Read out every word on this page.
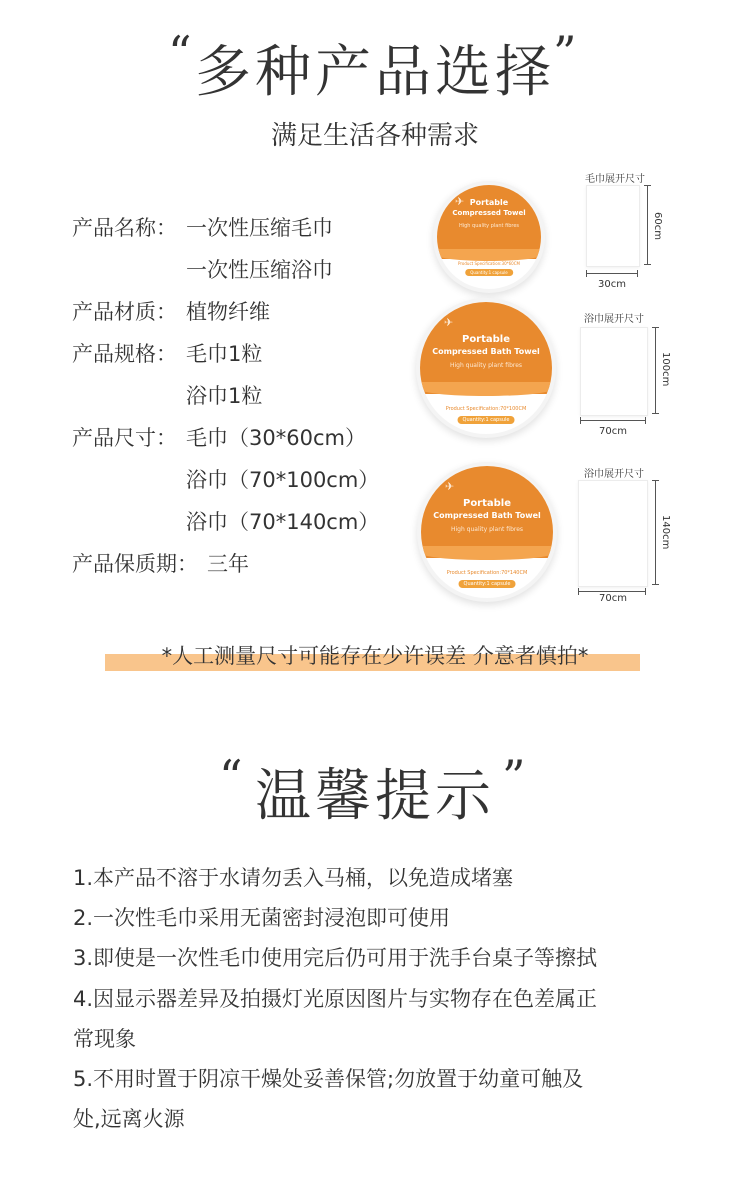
“ 多种产品选择
”
满足生活各种需求
产品名称： 一次性压缩毛巾
一次性压缩浴巾
产品材质： 植物纤维
产品规格： 毛巾1粒
浴巾1粒
产品尺寸： 毛巾（30*60cm）
浴巾（70*100cm）
浴巾（70*140cm）
产品保质期： 三年
✈ Portable
Compressed Towel
High quality plant fibres
Product Specification:30*60CM
Quantity:1 capsule
✈
Portable
Compressed Bath Towel
High quality plant fibres
Product Specification:70*100CM
Quantity:1 capsule
✈
Portable
Compressed Bath Towel
High quality plant fibres
Product Specification:70*140CM
Quantity:1 capsule
毛巾展开尺寸
60cm
30cm
浴巾展开尺寸
100cm
70cm
浴巾展开尺寸
140cm
70cm
*人工测量尺寸可能存在少许误差 介意者慎拍*
“ 温馨提示 ”
1.本产品不溶于水请勿丢入马桶，以免造成堵塞
2.一次性毛巾采用无菌密封浸泡即可使用
3.即使是一次性毛巾使用完后仍可用于洗手台桌子等擦拭
4.因显示器差异及拍摄灯光原因图片与实物存在色差属正
常现象
5.不用时置于阴凉干燥处妥善保管;勿放置于幼童可触及
处,远离火源
